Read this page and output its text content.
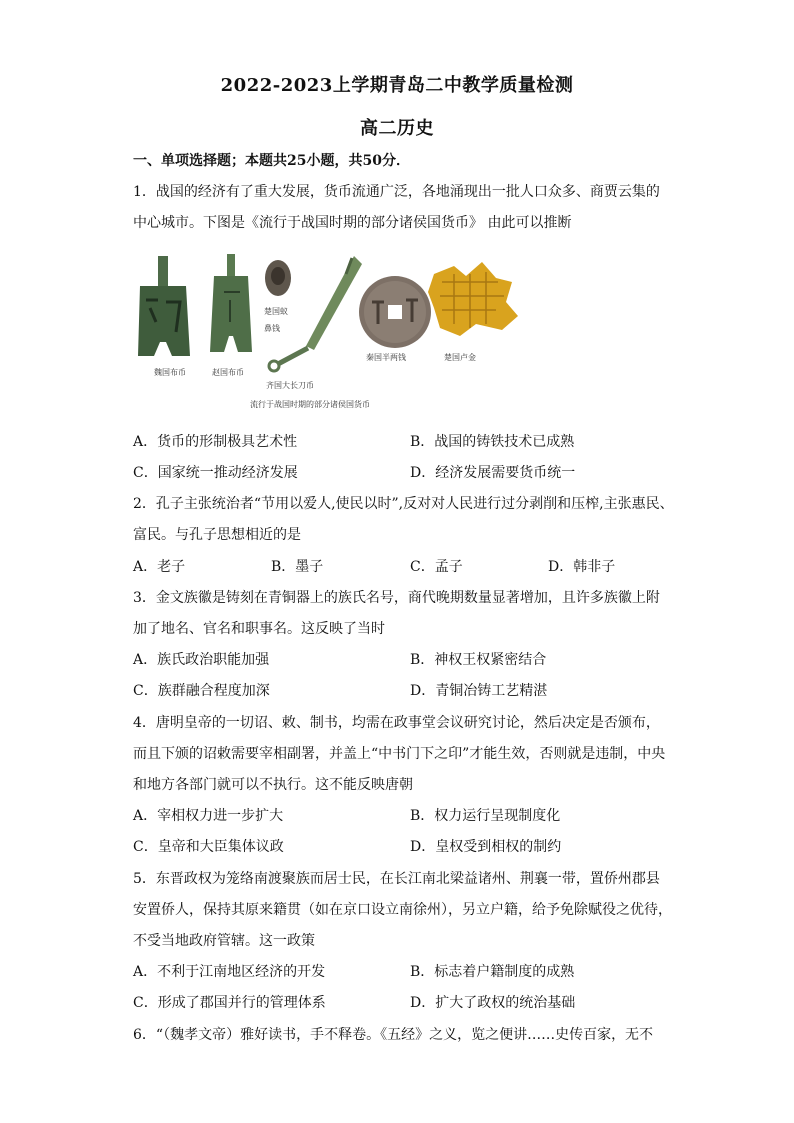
2022-2023上学期青岛二中教学质量检测
高二历史
一、单项选择题；本题共25小题，共50分．
1．战国的经济有了重大发展，货币流通广泛，各地涌现出一批人口众多、商贾云集的
中心城市。下图是《流行于战国时期的部分诸侯国货币》 由此可以推断
魏国布币	赵国布币
楚国蚁
鼻钱
齐国大长刀币
秦国半两钱	楚国卢金
流行于战国时期的部分诸侯国货币
A．货币的形制极具艺术性	B．战国的铸铁技术已成熟
C．国家统一推动经济发展	D．经济发展需要货币统一
2．孔子主张统治者“节用以爱人,使民以时”,反对对人民进行过分剥削和压榨,主张惠民、
富民。与孔子思想相近的是
A．老子	B．墨子	C．孟子	D．韩非子
3．金文族徽是铸刻在青铜器上的族氏名号，商代晚期数量显著增加，且许多族徽上附
加了地名、官名和职事名。这反映了当时
A．族氏政治职能加强	B．神权王权紧密结合
C．族群融合程度加深	D．青铜冶铸工艺精湛
4．唐明皇帝的一切诏、敕、制书，均需在政事堂会议研究讨论，然后决定是否颁布，
而且下颁的诏敕需要宰相副署，并盖上“中书门下之印”才能生效，否则就是违制，中央
和地方各部门就可以不执行。这不能反映唐朝
A．宰相权力进一步扩大	B．权力运行呈现制度化
C．皇帝和大臣集体议政	D．皇权受到相权的制约
5．东晋政权为笼络南渡聚族而居士民，在长江南北梁益诸州、荆襄一带，置侨州郡县
安置侨人，保持其原来籍贯（如在京口设立南徐州），另立户籍，给予免除赋役之优待，
不受当地政府管辖。这一政策
A．不利于江南地区经济的开发	B．标志着户籍制度的成熟
C．形成了郡国并行的管理体系	D．扩大了政权的统治基础
6．“（魏孝文帝）雅好读书，手不释卷。《五经》之义，览之便讲……史传百家，无不
